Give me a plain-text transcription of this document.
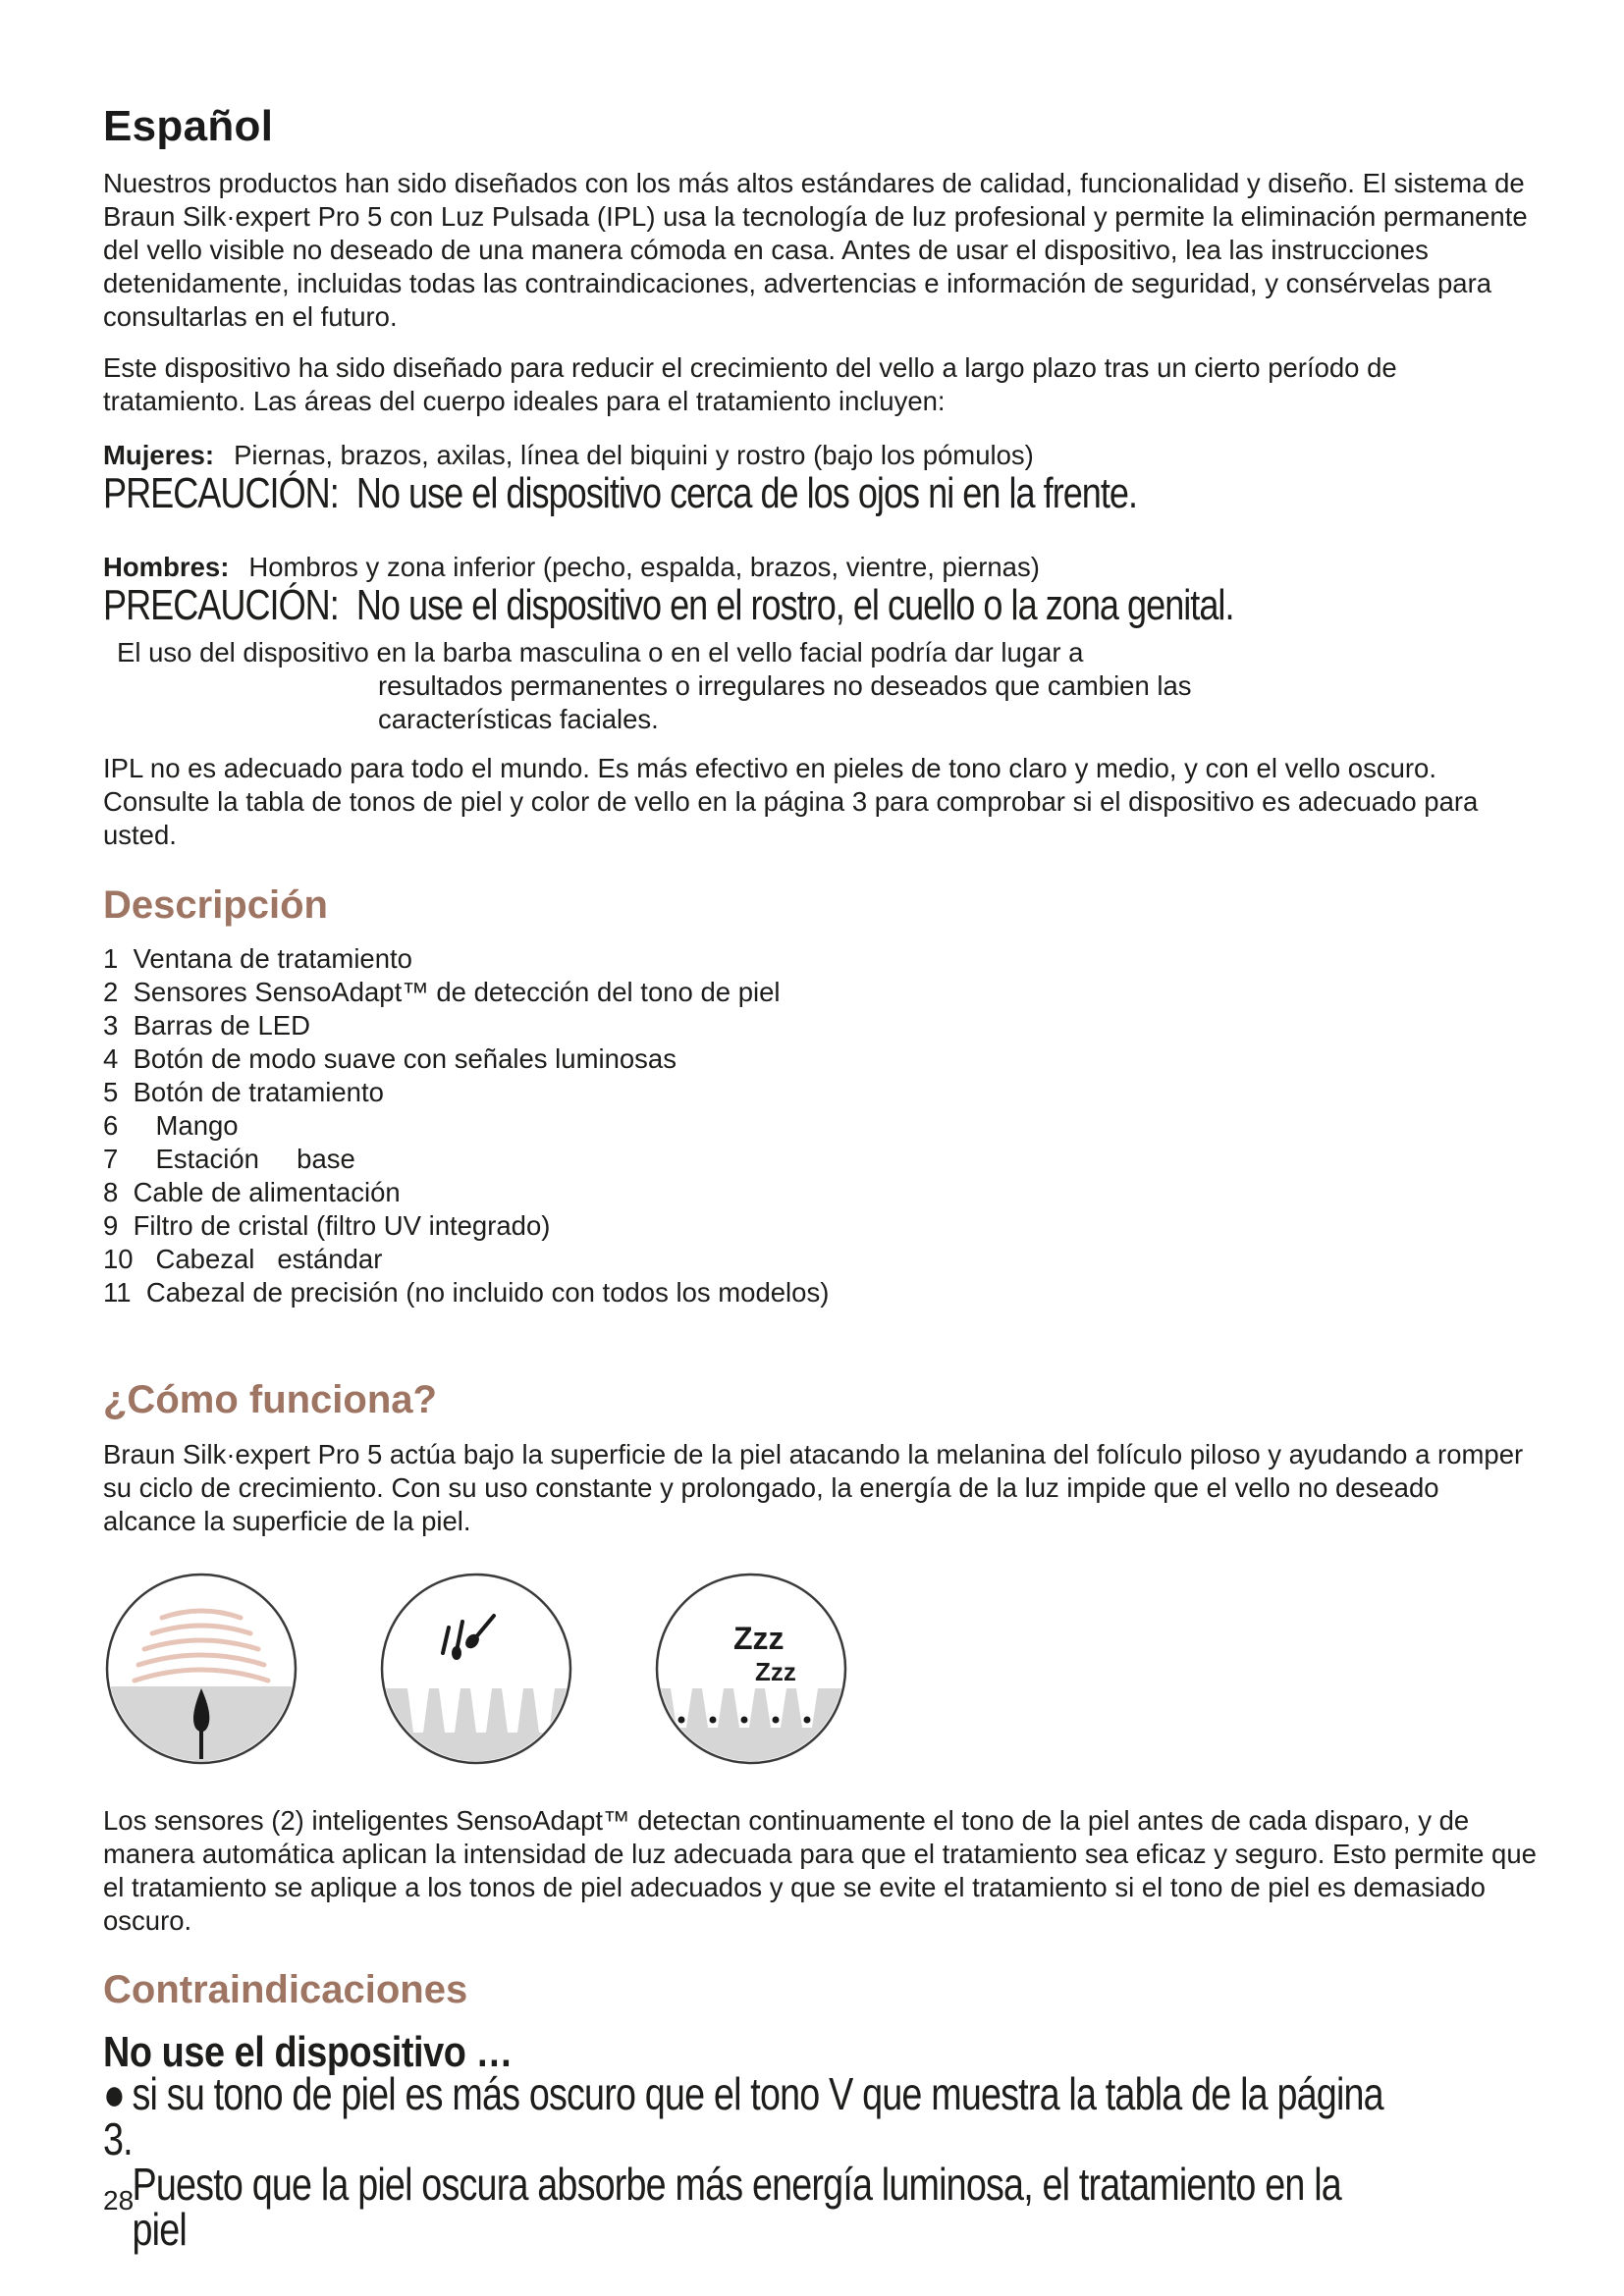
Español

Nuestros productos han sido diseñados con los más altos estándares de calidad, funcionalidad y diseño. El sistema de Braun Silk·expert Pro 5 con Luz Pulsada (IPL) usa la tecnología de luz profesional y permite la eliminación permanente del vello visible no deseado de una manera cómoda en casa. Antes de usar el dispositivo, lea las instrucciones detenidamente, incluidas todas las contraindicaciones, advertencias e información de seguridad, y consérvelas para consultarlas en el futuro.

Este dispositivo ha sido diseñado para reducir el crecimiento del vello a largo plazo tras un cierto período de tratamiento. Las áreas del cuerpo ideales para el tratamiento incluyen:

Mujeres: Piernas, brazos, axilas, línea del biquini y rostro (bajo los pómulos)
PRECAUCIÓN: No use el dispositivo cerca de los ojos ni en la frente.
Hombres: Hombros y zona inferior (pecho, espalda, brazos, vientre, piernas)
PRECAUCIÓN: No use el dispositivo en el rostro, el cuello o la zona genital.
El uso del dispositivo en la barba masculina o en el vello facial podría dar lugar a
resultados permanentes o irregulares no deseados que cambien las características faciales.

IPL no es adecuado para todo el mundo. Es más efectivo en pieles de tono claro y medio, y con el vello oscuro. Consulte la tabla de tonos de piel y color de vello en la página 3 para comprobar si el dispositivo es adecuado para usted.

Descripción
1  Ventana de tratamiento
2  Sensores SensoAdapt™ de detección del tono de piel
3  Barras de LED
4  Botón de modo suave con señales luminosas
5  Botón de tratamiento
6     Mango
7     Estación     base
8  Cable de alimentación
9  Filtro de cristal (filtro UV integrado)
10   Cabezal   estándar
11  Cabezal de precisión (no incluido con todos los modelos)
¿Cómo funciona?

Braun Silk·expert Pro 5 actúa bajo la superficie de la piel atacando la melanina del folículo piloso y ayudando a romper su ciclo de crecimiento. Con su uso constante y prolongado, la energía de la luz impide que el vello no deseado alcance la superficie de la piel.

Zzz
Zzz

Los sensores (2) inteligentes SensoAdapt™ detectan continuamente el tono de la piel antes de cada disparo, y de manera automática aplican la intensidad de luz adecuada para que el tratamiento sea eficaz y seguro. Esto permite que el tratamiento se aplique a los tonos de piel adecuados y que se evite el tratamiento si el tono de piel es demasiado oscuro.

Contraindicaciones
No use el dispositivo …
● si su tono de piel es más oscuro que el tono V que muestra la tabla de la página 3.
Puesto que la piel oscura absorbe más energía luminosa, el tratamiento en la piel
28
